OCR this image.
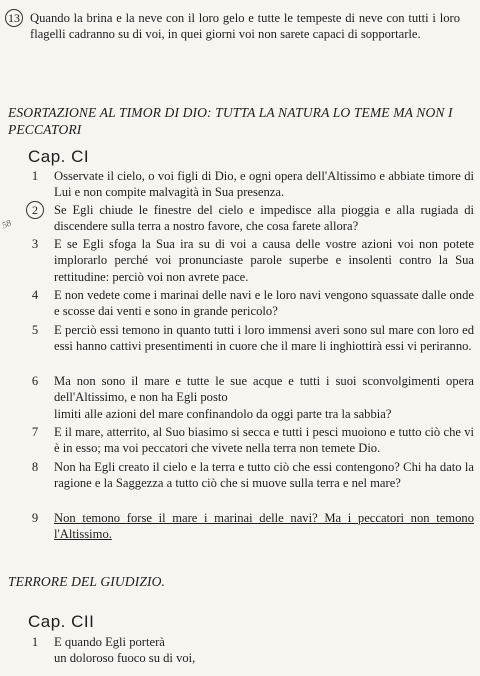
13 Quando la brina e la neve con il loro gelo e tutte le tempeste di neve con tutti i loro flagelli cadranno su di voi, in quei giorni voi non sarete capaci di sopportarle.
ESORTAZIONE AL TIMOR DI DIO: TUTTA LA NATURA LO TEME MA NON I PECCATORI
Cap. CI
58
1	Osservate il cielo, o voi figli di Dio, e ogni opera dell'Altissimo e abbiate timore di Lui e non compite malvagità in Sua presenza.
2	Se Egli chiude le finestre del cielo e impedisce alla pioggia e alla rugiada di discendere sulla terra a nostro favore, che cosa farete allora?
3	E se Egli sfoga la Sua ira su di voi a causa delle vostre azioni voi non potete implorarlo perché voi pronunciaste parole superbe e insolenti contro la Sua rettitudine: perciò voi non avrete pace.
4	E non vedete come i marinai delle navi e le loro navi vengono squassate dalle onde e scosse dai venti e sono in grande pericolo?
5	E perciò essi temono in quanto tutti i loro immensi averi sono sul mare con loro ed essi hanno cattivi presentimenti in cuore che il mare li inghiottirà essi vi periranno.
6	Ma non sono il mare e tutte le sue acque e tutti i suoi sconvolgimenti opera dell'Altissimo, e non ha Egli posto
limiti alle azioni del mare confinandolo da oggi parte tra la sabbia?
7	E il mare, atterrito, al Suo biasimo si secca e tutti i pesci muoiono e tutto ciò che vi è in esso; ma voi peccatori che vivete nella terra non temete Dio.
8	Non ha Egli creato il cielo e la terra e tutto ciò che essi contengono? Chi ha dato la ragione e la Saggezza a tutto ciò che si muove sulla terra e nel mare?
9	Non temono forse il mare i marinai delle navi? Ma i peccatori non temono l'Altissimo.
TERRORE DEL GIUDIZIO.
Cap. CII
1	E quando Egli porterà
un doloroso fuoco su di voi,
